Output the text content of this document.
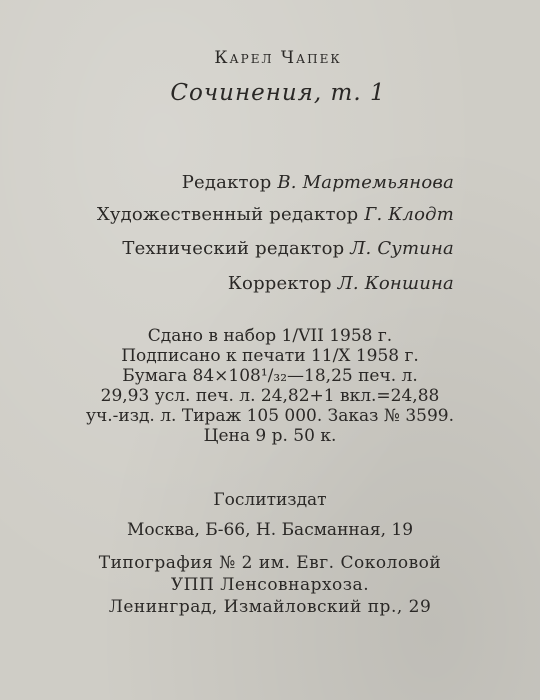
Карел Чапек
Сочинения, т. 1
Редактор В. Мартемьянова
Художественный редактор Г. Клодт
Технический редактор Л. Сутина
Корректор Л. Коншина
Сдано в набор 1/VII 1958 г.
Подписано к печати 11/X 1958 г.
Бумага 84×108¹/₃₂—18,25 печ. л.
29,93 усл. печ. л. 24,82+1 вкл.=24,88
уч.-изд. л. Тираж 105 000. Заказ № 3599.
Цена 9 р. 50 к.
Гослитиздат
Москва, Б-66, Н. Басманная, 19
Типография № 2 им. Евг. Соколовой
УПП Ленсовнархоза.
Ленинград, Измайловский пр., 29
